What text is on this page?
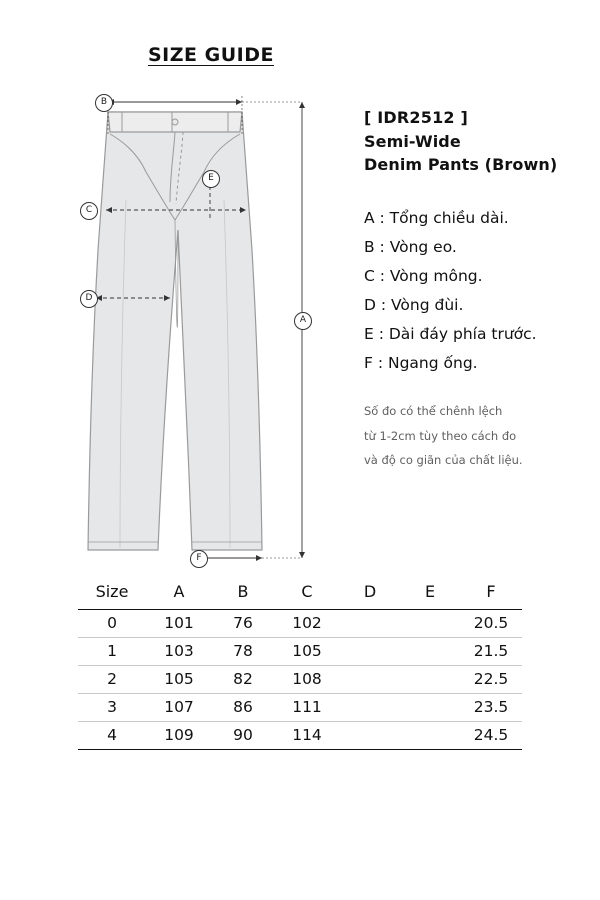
SIZE GUIDE
B
C
D
E
F
A
[ IDR2512 ]
Semi-Wide
Denim Pants (Brown)
A : Tổng chiều dài.
B : Vòng eo.
C : Vòng mông.
D : Vòng đùi.
E : Dài đáy phía trước.
F : Ngang ống.
Số đo có thể chênh lệch
từ 1-2cm tùy theo cách đo
và độ co giãn của chất liệu.
Size	A	B	C	D	E	F
0	101	76	102			20.5
1	103	78	105			21.5
2	105	82	108			22.5
3	107	86	111			23.5
4	109	90	114			24.5
